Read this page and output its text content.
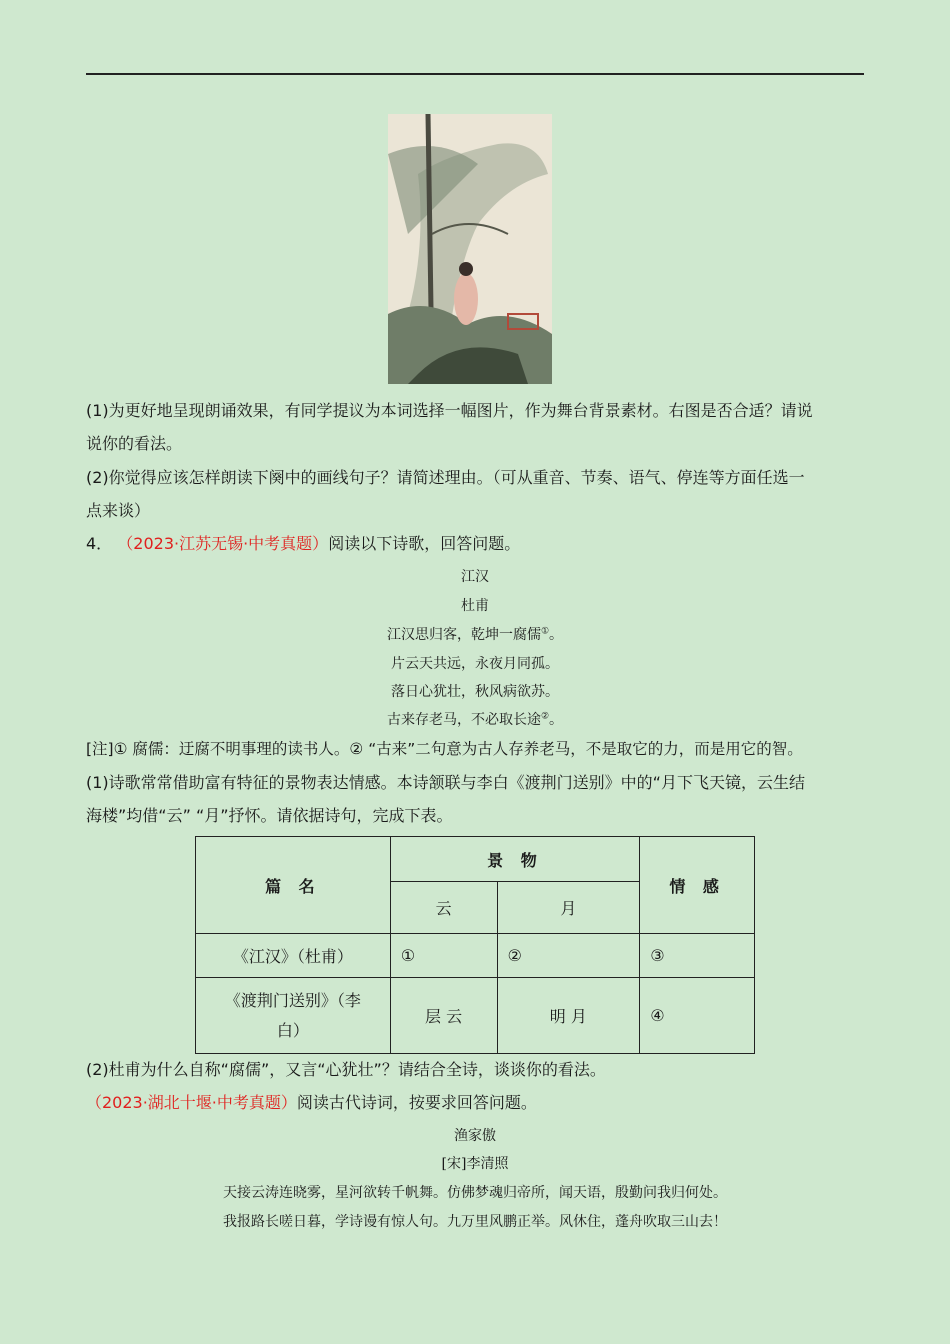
(1)为更好地呈现朗诵效果，有同学提议为本词选择一幅图片，作为舞台背景素材。右图是否合适？请说
说你的看法。
(2)你觉得应该怎样朗读下阕中的画线句子？请简述理由。（可从重音、节奏、语气、停连等方面任选一
点来谈）
4． （2023·江苏无锡·中考真题）阅读以下诗歌，回答问题。
江汉
杜甫
江汉思归客，乾坤一腐儒①。
片云天共远，永夜月同孤。
落日心犹壮，秋风病欲苏。
古来存老马，不必取长途②。
[注]① 腐儒：迂腐不明事理的读书人。② “古来”二句意为古人存养老马，不是取它的力，而是用它的智。
(1)诗歌常常借助富有特征的景物表达情感。本诗颔联与李白《渡荆门送别》中的“月下飞天镜，云生结
海楼”均借“云” “月”抒怀。请依据诗句，完成下表。
篇 名	景 物		情 感
	云	月	
《江汉》（杜甫）	①	②	③
《渡荆门送别》（李白）	层 云	明 月	④
(2)杜甫为什么自称“腐儒”，又言“心犹壮”？请结合全诗，谈谈你的看法。
（2023·湖北十堰·中考真题）阅读古代诗词，按要求回答问题。
渔家傲
[宋]李清照
天接云涛连晓雾，星河欲转千帆舞。仿佛梦魂归帝所，闻天语，殷勤问我归何处。
我报路长嗟日暮，学诗谩有惊人句。九万里风鹏正举。风休住，蓬舟吹取三山去！
